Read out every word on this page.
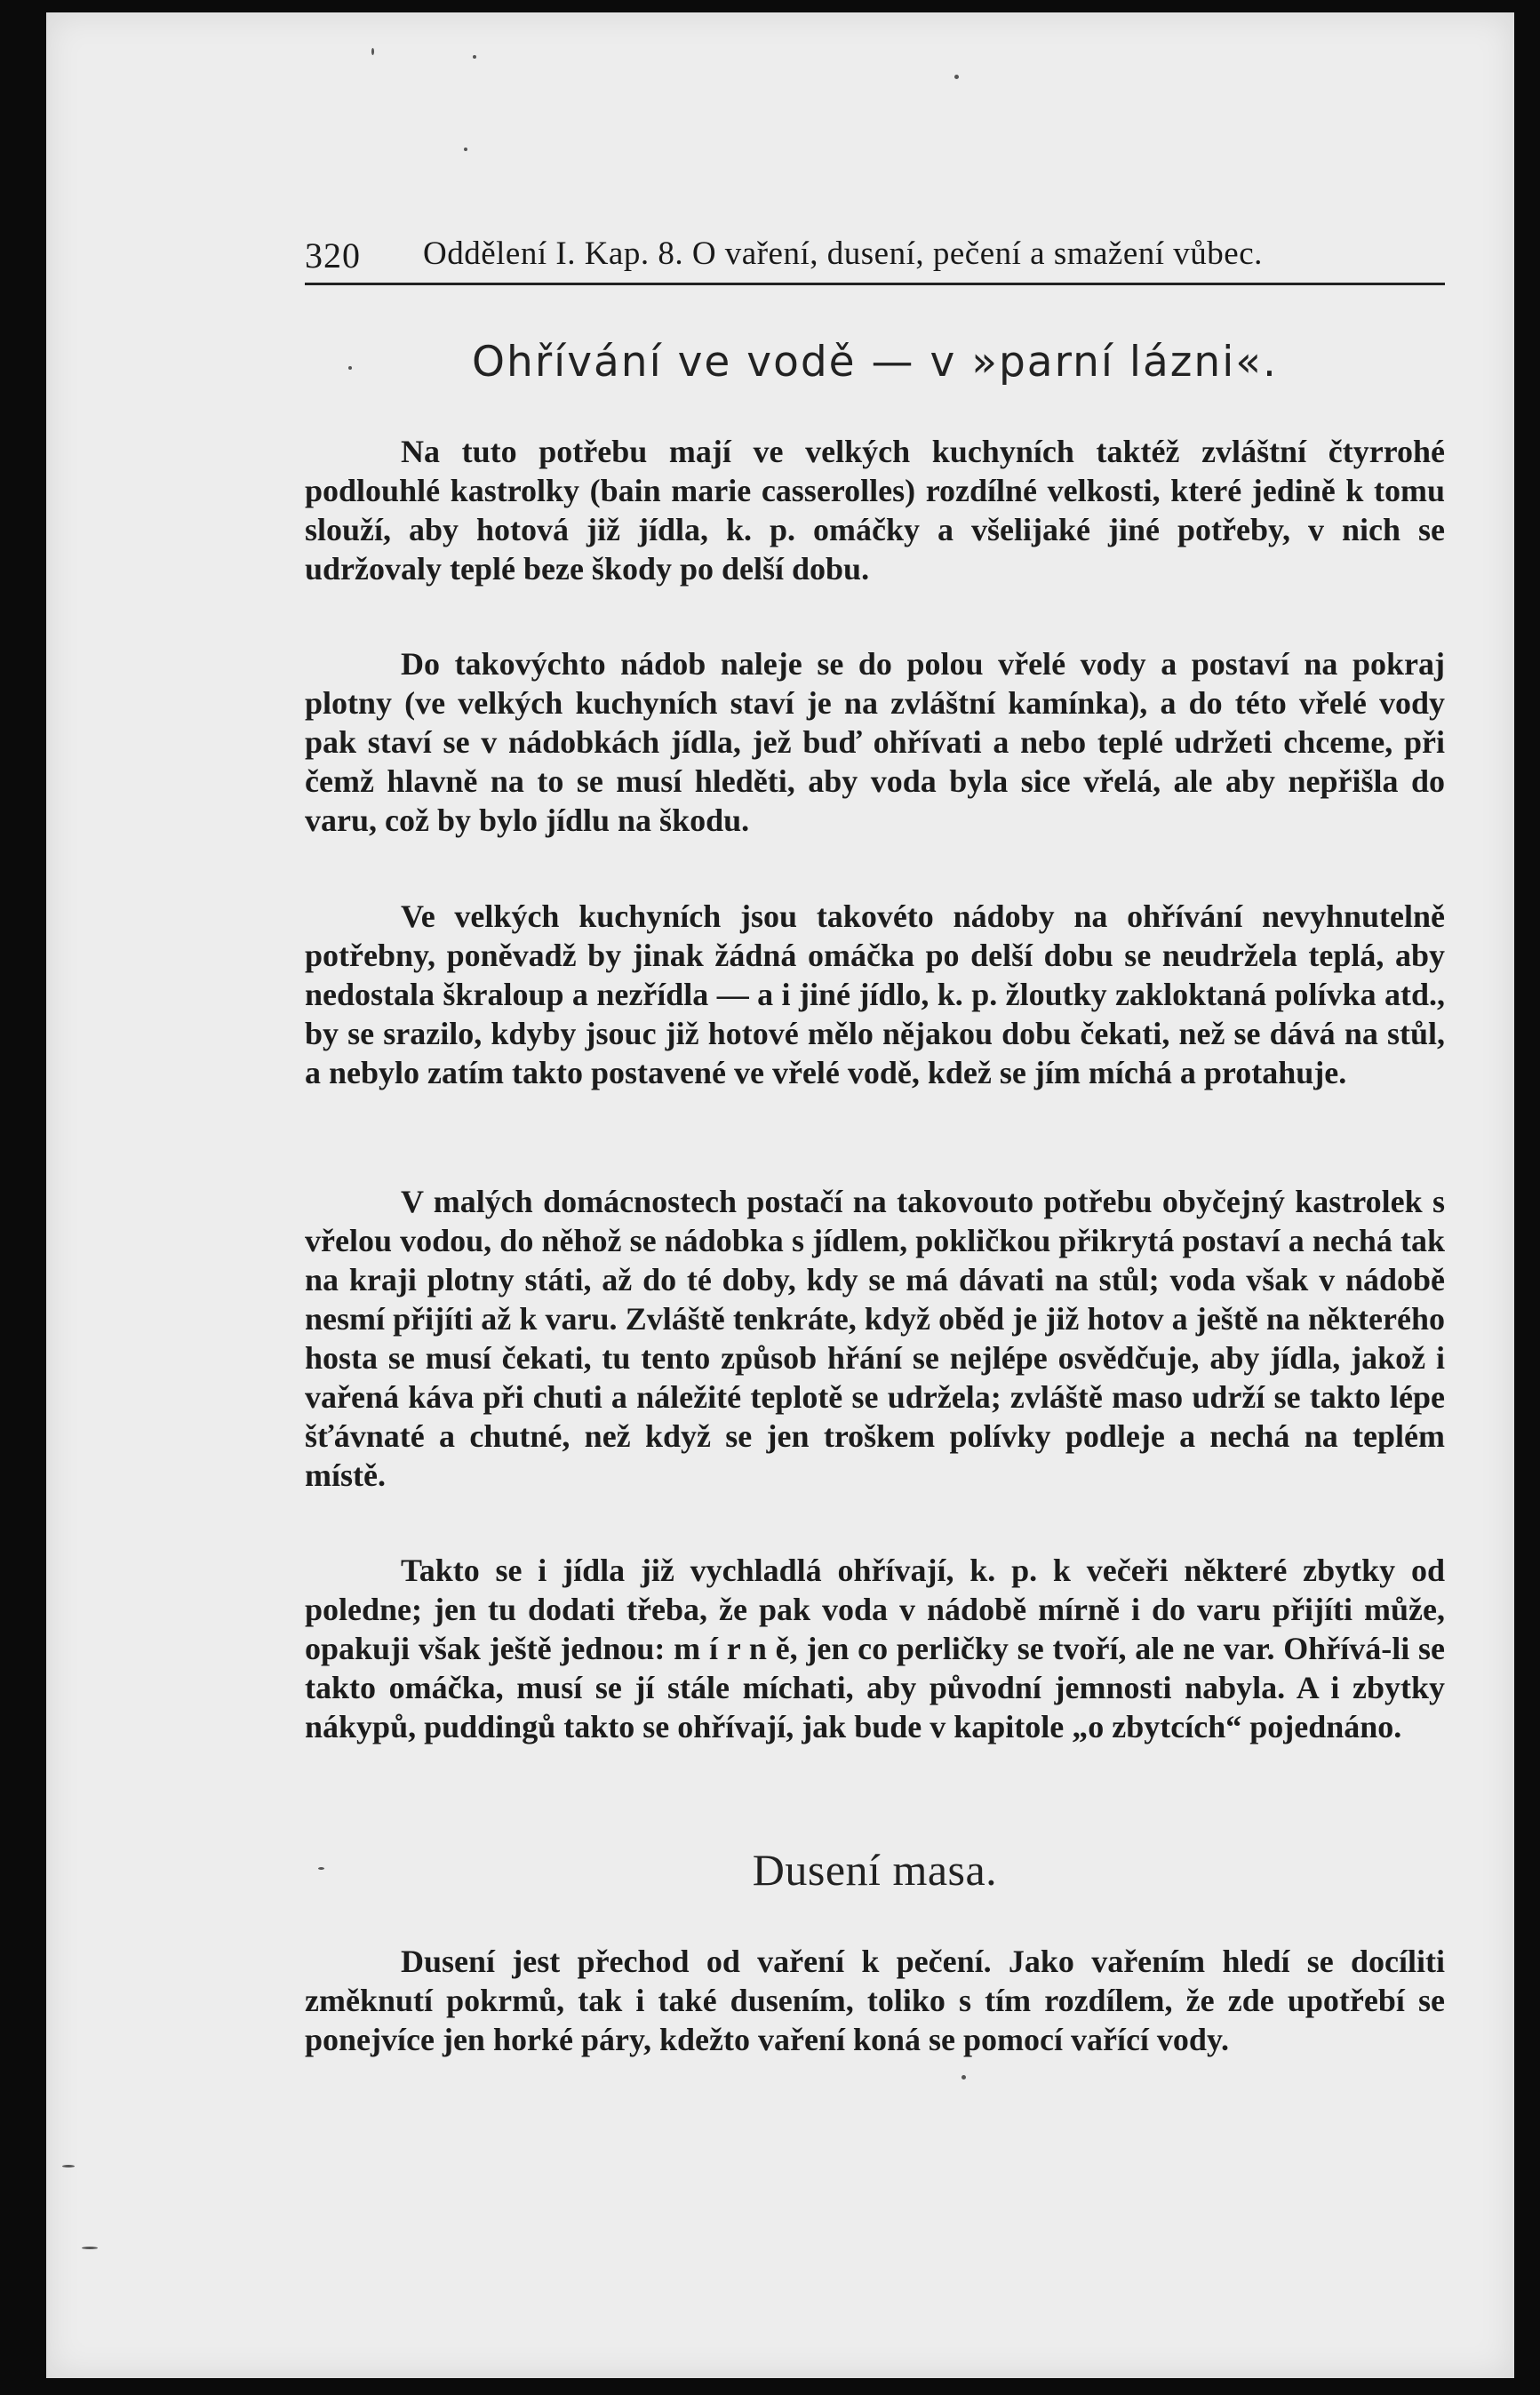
320 Oddělení I. Kap. 8. O vaření, dusení, pečení a smažení vůbec.
Ohřívání ve vodě — v »parní lázni«.

Na tuto potřebu mají ve velkých kuchyních taktéž zvláštní čtyrrohé podlouhlé kastrolky (bain marie casserolles) rozdílné velkosti, které jedině k tomu slouží, aby hotová již jídla, k. p. omáčky a všelijaké jiné potřeby, v nich se udržovaly teplé beze škody po delší dobu.

Do takovýchto nádob naleje se do polou vřelé vody a postaví na pokraj plotny (ve velkých kuchyních staví je na zvláštní kamínka), a do této vřelé vody pak staví se v nádobkách jídla, jež buď ohřívati a nebo teplé udržeti chceme, při čemž hlavně na to se musí hleděti, aby voda byla sice vřelá, ale aby nepřišla do varu, což by bylo jídlu na škodu.

Ve velkých kuchyních jsou takovéto nádoby na ohřívání nevyhnutelně potřebny, poněvadž by jinak žádná omáčka po delší dobu se neudržela teplá, aby nedostala škraloup a nezřídla — a i jiné jídlo, k. p. žloutky zakloktaná polívka atd., by se srazilo, kdyby jsouc již hotové mělo nějakou dobu čekati, než se dává na stůl, a nebylo zatím takto postavené ve vřelé vodě, kdež se jím míchá a protahuje.

V malých domácnostech postačí na takovouto potřebu obyčejný kastrolek s vřelou vodou, do něhož se nádobka s jídlem, pokličkou přikrytá postaví a nechá tak na kraji plotny státi, až do té doby, kdy se má dávati na stůl; voda však v nádobě nesmí přijíti až k varu. Zvláště tenkráte, když oběd je již hotov a ještě na některého hosta se musí čekati, tu tento způsob hřání se nejlépe osvědčuje, aby jídla, jakož i vařená káva při chuti a náležité teplotě se udržela; zvláště maso udrží se takto lépe šťávnaté a chutné, než když se jen troškem polívky podleje a nechá na teplém místě.

Takto se i jídla již vychladlá ohřívají, k. p. k večeři některé zbytky od poledne; jen tu dodati třeba, že pak voda v nádobě mírně i do varu přijíti může, opakuji však ještě jednou: m í r n ě, jen co perličky se tvoří, ale ne var. Ohřívá-li se takto omáčka, musí se jí stále míchati, aby původní jemnosti nabyla. A i zbytky nákypů, puddingů takto se ohřívají, jak bude v kapitole „o zbytcích“ pojednáno.

Dusení masa.

Dusení jest přechod od vaření k pečení. Jako vařením hledí se docíliti změknutí pokrmů, tak i také dusením, toliko s tím rozdílem, že zde upotřebí se ponejvíce jen horké páry, kdežto vaření koná se pomocí vařící vody.
